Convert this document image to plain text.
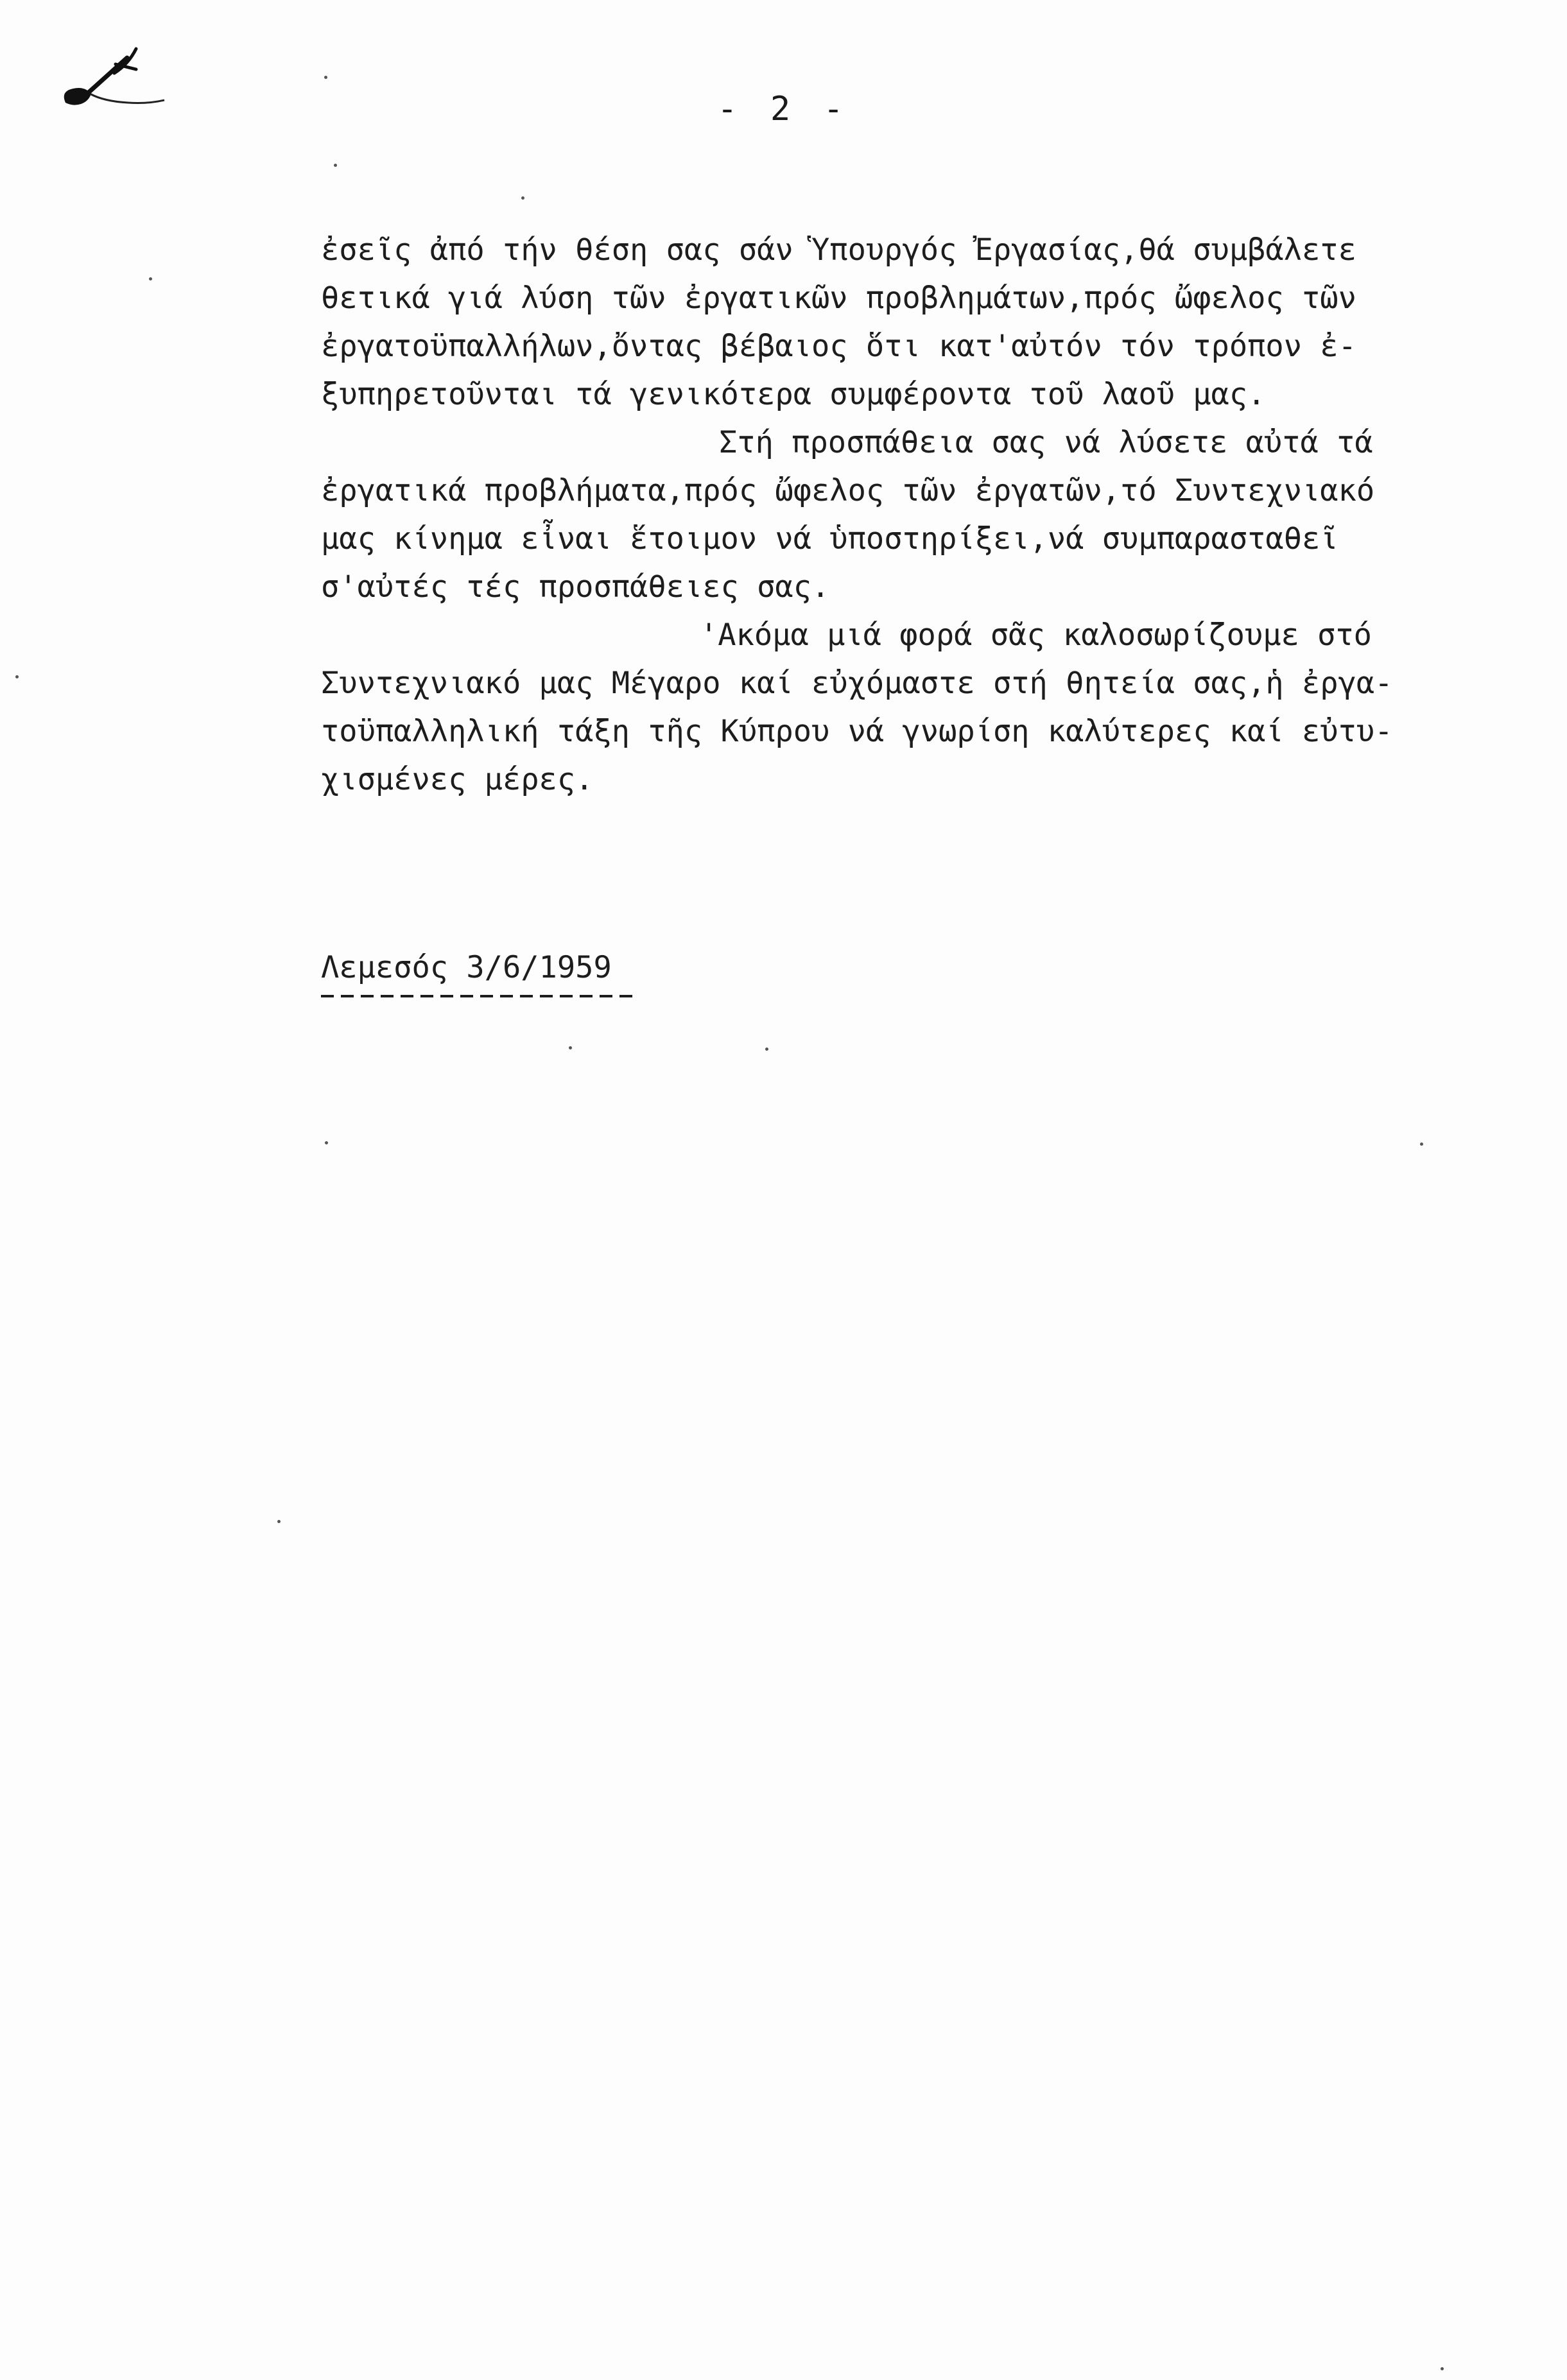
- 2 -
ἐσεῖς ἀπό τήν θέση σας σάν Ὑπουργός Ἐργασίας,θά συμβάλετε
θετικά γιά λύση τῶν ἐργατικῶν προβλημάτων,πρός ὤφελος τῶν
ἐργατοϋπαλλήλων,ὄντας βέβαιος ὅτι κατ'αὐτόν τόν τρόπον ἐ-
ξυπηρετοῦνται τά γενικότερα συμφέροντα τοῦ λαοῦ μας.
Στή προσπάθεια σας νά λύσετε αὐτά τά
ἐργατικά προβλήματα,πρός ὤφελος τῶν ἐργατῶν,τό Συντεχνιακό
μας κίνημα εἶναι ἕτοιμον νά ὑποστηρίξει,νά συμπαρασταθεῖ
σ'αὐτές τές προσπάθειες σας.
'Ακόμα μιά φορά σᾶς καλοσωρίζουμε στό
Συντεχνιακό μας Μέγαρο καί εὐχόμαστε στή θητεία σας,ἡ ἐργα-
τοϋπαλληλική τάξη τῆς Κύπρου νά γνωρίση καλύτερες καί εὐτυ-
χισμένες μέρες.
Λεμεσός 3/6/1959
